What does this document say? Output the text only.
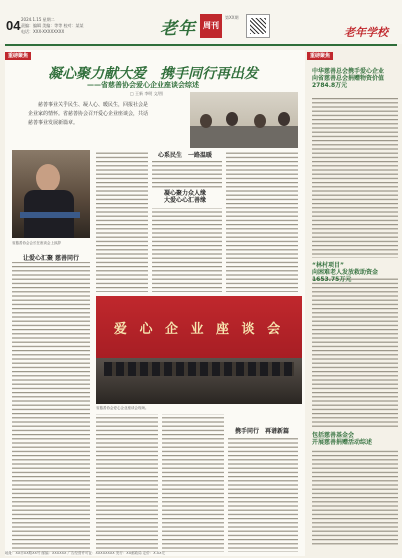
04 2024.1.15 星期二
责编：编辑 美编：等等 校对：某某
电话：XXX-XXXXXXXX	老年 周刊
第XX期
老年学校
重磅聚焦
凝心聚力献大爱　携手同行再出发
——省慈善协会爱心企业座谈会综述
□ 王新 李明 文/图
慈善事业关乎民生、凝人心、暖民生，回报社会是企业家的情怀。省慈善协会召开爱心企业座谈会，共话慈善事业发展新篇章。
省慈善协会会长在座谈会上致辞
让爱心汇聚 慈善同行
凝心聚力众人缘
大爱心心汇善缘
爱 心 企 业 座 谈 会
省慈善协会爱心企业座谈会现场。
心系民生　一路温暖
携手同行　再谱新篇
重磅聚焦
中华慈善总会携手爱心企业
向省慈善总会捐赠物资价值2784.8万元
“林村项目”
向困难老人发放救助资金1653.75万元
包括慈善基金会
开展慈善捐赠活动综述
地址：XX市XX路XX号 邮编：XXXXXX 广告经营许可证：XXXXXXXX 发行：XX邮政局 定价：X.XX元
